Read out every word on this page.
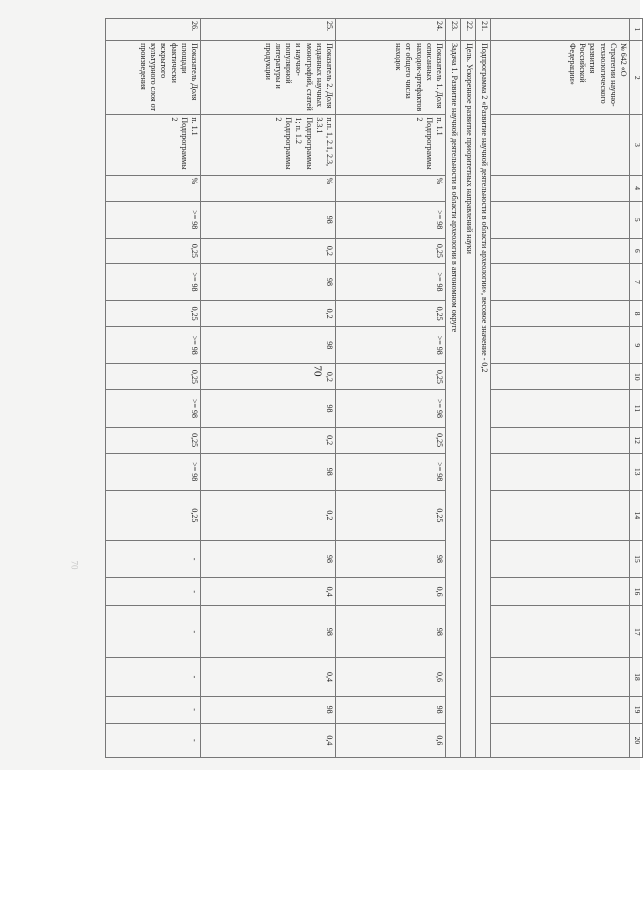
70
70
1	2	3	4	5	6	7	8	9	10	11	12	13	14	15	16	17	18	19	20
	№ 642 «О Стратегии научно-технологического развития Российской Федерации»																		
21.	Подпрограмма 2 «Развитие научной деятельности в области археологии», весовое значение - 0,2																		
22.	Цель. Ускоренное развитие приоритетных направлений науки																		
23.	Задача 1. Развитие научной деятельности в области археологии в автономном округе																		
24.	Показатель 1. Доля описанных находок-артефактов от общего числа находок	п. 1.1 Подпрограммы 2	%	>= 98	0,25	>= 98	0,25	>= 98	0,25	>= 98	0,25	>= 98	0,25	98	0,6	98	0,6	98	0,6
25.	Показатель 2. Доля изданных научных монографий, статей и научно-популярной литературы и продукции	п.п. 1, 2.1, 2.3, 3.3.1 Подпрограммы 1; п. 1.2 Подпрограммы 2	%	98	0,2	98	0,2	98	0,2	98	0,2	98	0,2	98	0,4	98	0,4	98	0,4
26.	Показатель Доля площади фактически вскрытого культурного слоя от произведения	п. 1.1 Подпрограммы 2	%	>= 98	0,25	>= 98	0,25	>= 98	0,25	>= 98	0,25	>= 98	0,25	-	-	-	-	-	-
